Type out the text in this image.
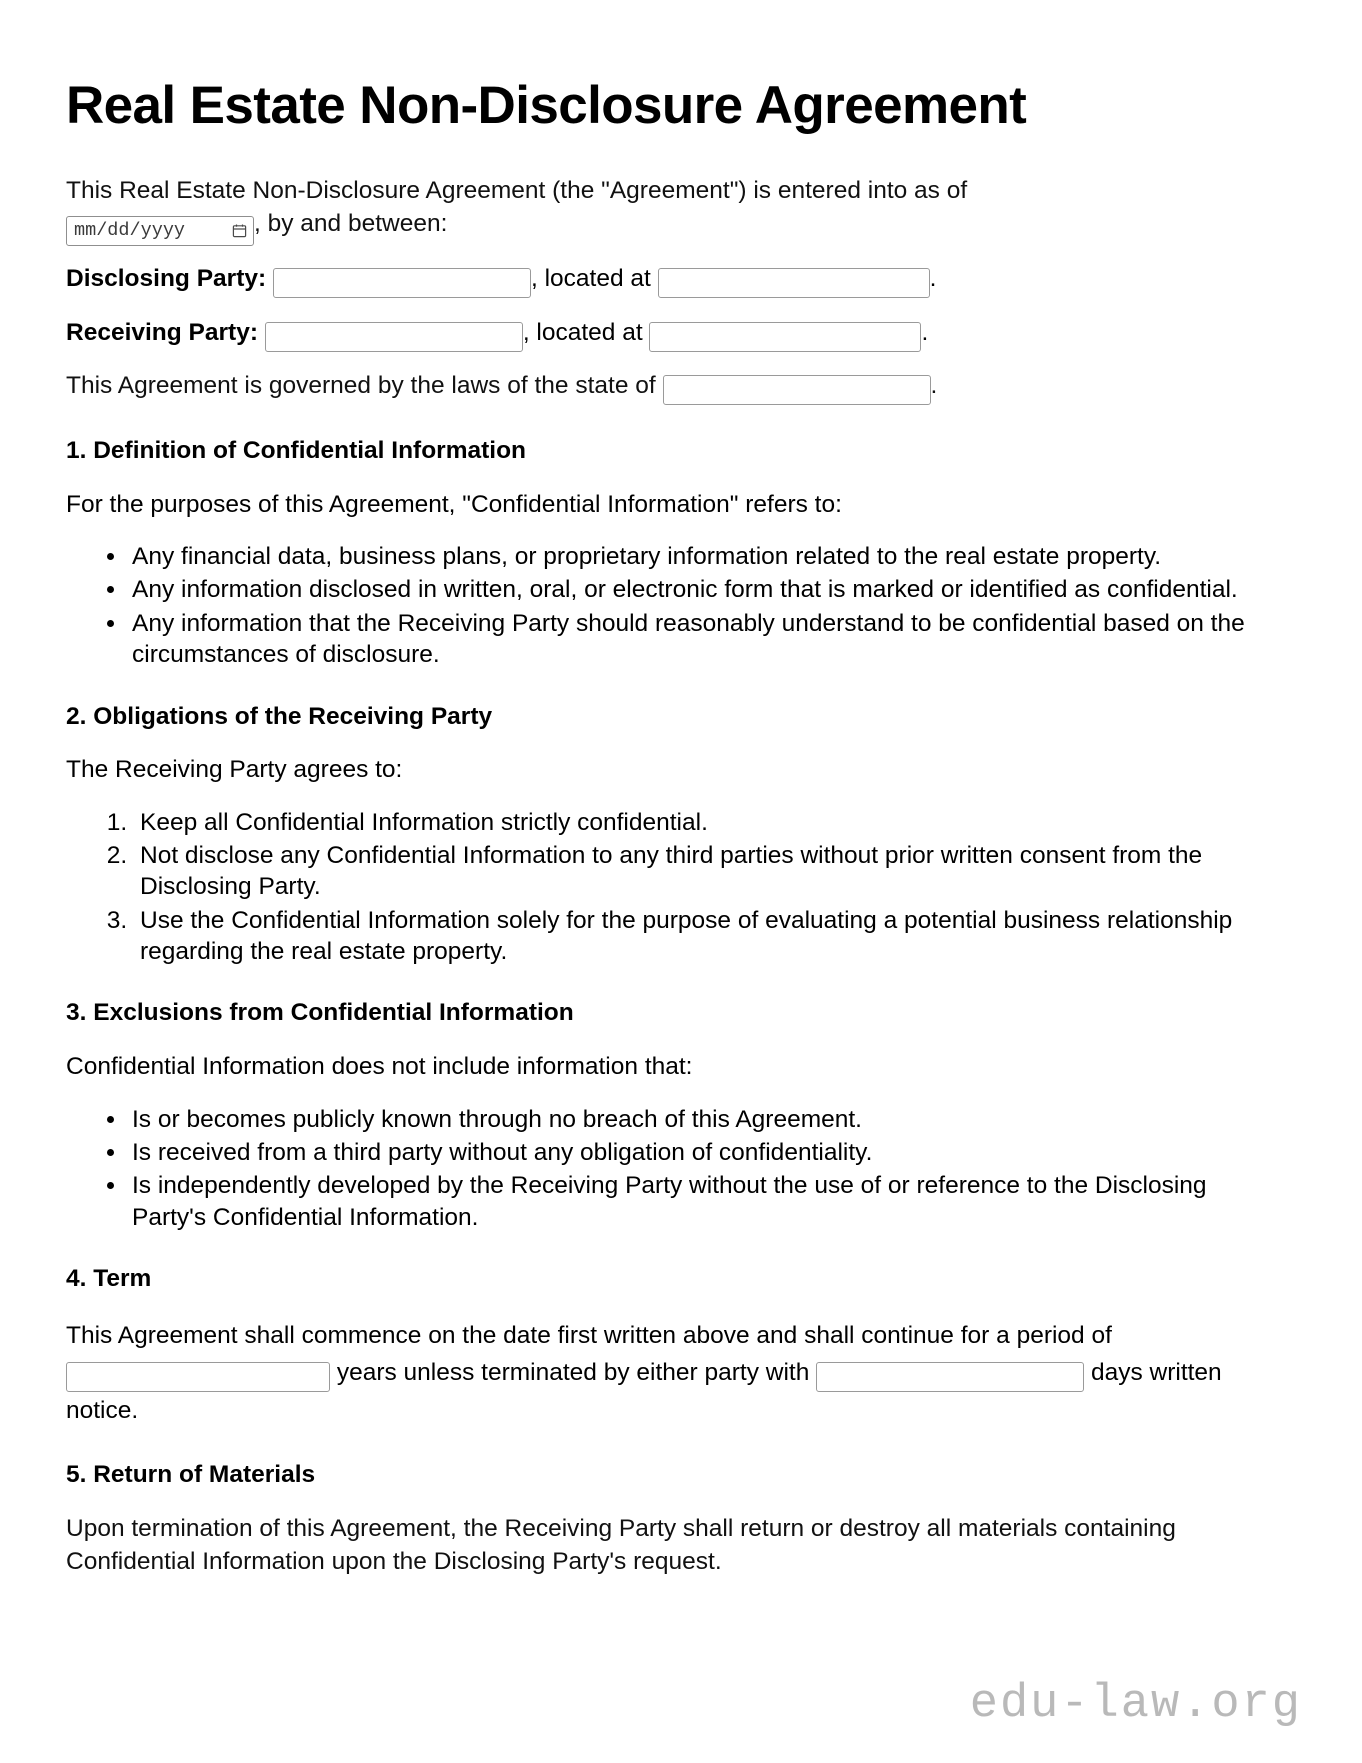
Real Estate Non-Disclosure Agreement

This Real Estate Non-Disclosure Agreement (the "Agreement") is entered into as of

mm/dd/yyyy	, by and between:

Disclosing Party:	, located at	.

Receiving Party:	, located at	.

This Agreement is governed by the laws of the state of	.

1. Definition of Confidential Information

For the purposes of this Agreement, "Confidential Information" refers to:

• Any financial data, business plans, or proprietary information related to the real estate property.
• Any information disclosed in written, oral, or electronic form that is marked or identified as confidential.
• Any information that the Receiving Party should reasonably understand to be confidential based on the circumstances of disclosure.
2. Obligations of the Receiving Party

The Receiving Party agrees to:

1. Keep all Confidential Information strictly confidential.
2. Not disclose any Confidential Information to any third parties without prior written consent from the Disclosing Party.
3. Use the Confidential Information solely for the purpose of evaluating a potential business relationship regarding the real estate property.
3. Exclusions from Confidential Information

Confidential Information does not include information that:

• Is or becomes publicly known through no breach of this Agreement.
• Is received from a third party without any obligation of confidentiality.
• Is independently developed by the Receiving Party without the use of or reference to the Disclosing Party's Confidential Information.
4. Term

This Agreement shall commence on the date first written above and shall continue for a period of  years unless terminated by either party with	days written notice.

5. Return of Materials

Upon termination of this Agreement, the Receiving Party shall return or destroy all materials containing Confidential Information upon the Disclosing Party's request.

edu-law.org
